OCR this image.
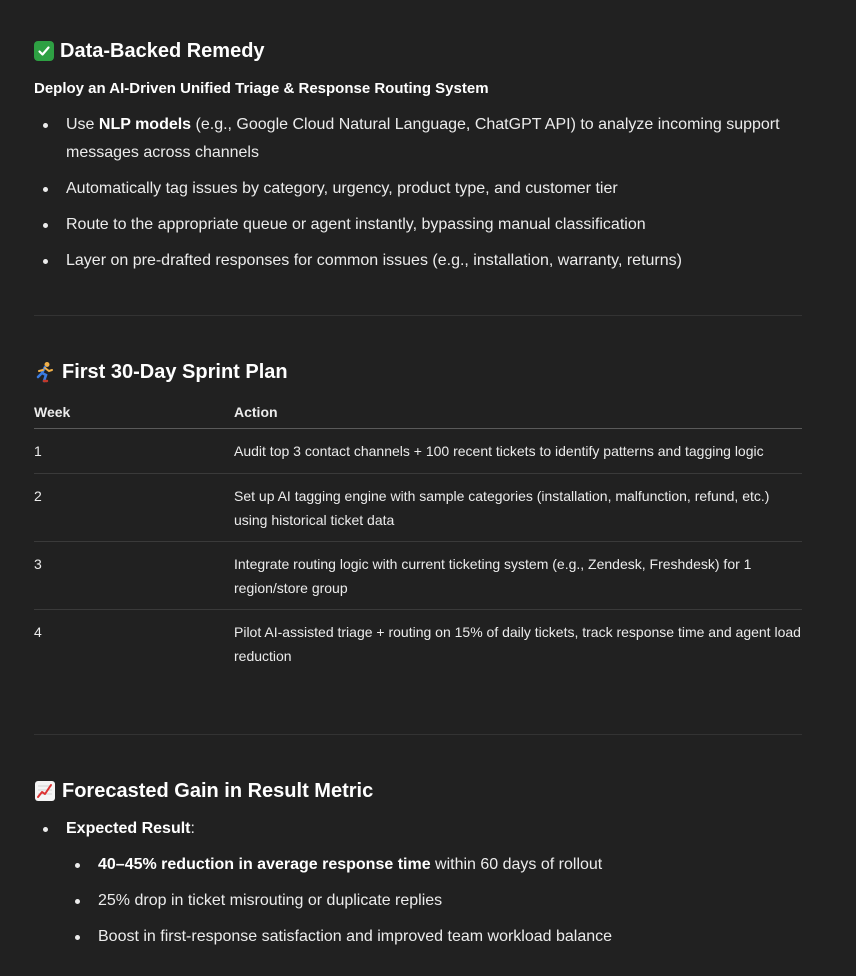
Data-Backed Remedy
Deploy an AI-Driven Unified Triage & Response Routing System
Use NLP models (e.g., Google Cloud Natural Language, ChatGPT API) to analyze incoming support messages across channels
Automatically tag issues by category, urgency, product type, and customer tier
Route to the appropriate queue or agent instantly, bypassing manual classification
Layer on pre-drafted responses for common issues (e.g., installation, warranty, returns)
First 30-Day Sprint Plan
Week	Action
1	Audit top 3 contact channels + 100 recent tickets to identify patterns and tagging logic
2	Set up AI tagging engine with sample categories (installation, malfunction, refund, etc.) using historical ticket data
3	Integrate routing logic with current ticketing system (e.g., Zendesk, Freshdesk) for 1 region/store group
4	Pilot AI-assisted triage + routing on 15% of daily tickets, track response time and agent load reduction
Forecasted Gain in Result Metric
Expected Result:
40–45% reduction in average response time within 60 days of rollout
25% drop in ticket misrouting or duplicate replies
Boost in first-response satisfaction and improved team workload balance
